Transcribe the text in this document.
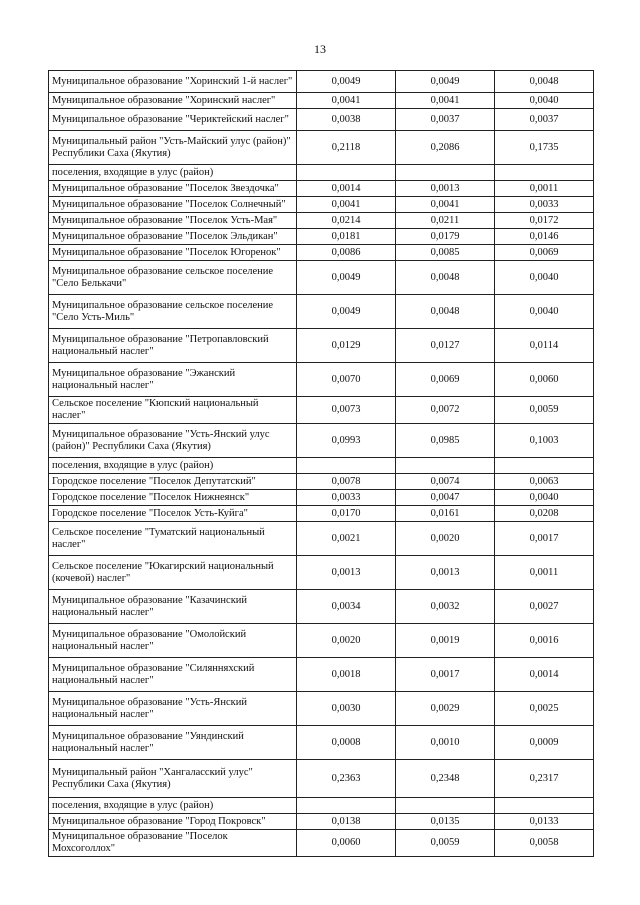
13
Муниципальное образование "Хоринский 1-й наслег"	0,0049	0,0049	0,0048
Муниципальное образование "Хоринский наслег"	0,0041	0,0041	0,0040
Муниципальное образование "Чериктейский наслег"	0,0038	0,0037	0,0037
Муниципальный район "Усть-Майский улус (район)" Республики Саха (Якутия)	0,2118	0,2086	0,1735
поселения, входящие в улус (район)			
Муниципальное образование "Поселок Звездочка"	0,0014	0,0013	0,0011
Муниципальное образование "Поселок Солнечный"	0,0041	0,0041	0,0033
Муниципальное образование "Поселок Усть-Мая"	0,0214	0,0211	0,0172
Муниципальное образование "Поселок Эльдикан"	0,0181	0,0179	0,0146
Муниципальное образование "Поселок Югоренок"	0,0086	0,0085	0,0069
Муниципальное образование сельское поселение "Село Белькачи"	0,0049	0,0048	0,0040
Муниципальное образование сельское поселение "Село Усть-Миль"	0,0049	0,0048	0,0040
Муниципальное образование "Петропавловский национальный наслег"	0,0129	0,0127	0,0114
Муниципальное образование "Эжанский национальный наслег"	0,0070	0,0069	0,0060
Сельское поселение "Кюпский национальный наслег"	0,0073	0,0072	0,0059
Муниципальное образование "Усть-Янский улус (район)" Республики Саха (Якутия)	0,0993	0,0985	0,1003
поселения, входящие в улус (район)			
Городское поселение "Поселок Депутатский"	0,0078	0,0074	0,0063
Городское поселение "Поселок Нижнеянск"	0,0033	0,0047	0,0040
Городское поселение "Поселок Усть-Куйга"	0,0170	0,0161	0,0208
Сельское поселение "Туматский национальный наслег"	0,0021	0,0020	0,0017
Сельское поселение "Юкагирский национальный (кочевой) наслег"	0,0013	0,0013	0,0011
Муниципальное образование "Казачинский национальный наслег"	0,0034	0,0032	0,0027
Муниципальное образование "Омолойский национальный наслег"	0,0020	0,0019	0,0016
Муниципальное образование "Силянняхский национальный наслег"	0,0018	0,0017	0,0014
Муниципальное образование "Усть-Янский национальный наслег"	0,0030	0,0029	0,0025
Муниципальное образование "Уяндинский национальный наслег"	0,0008	0,0010	0,0009
Муниципальный район "Хангаласский улус" Республики Саха (Якутия)	0,2363	0,2348	0,2317
поселения, входящие в улус (район)			
Муниципальное образование "Город Покровск"	0,0138	0,0135	0,0133
Муниципальное образование "Поселок Мохсоголлох"	0,0060	0,0059	0,0058
